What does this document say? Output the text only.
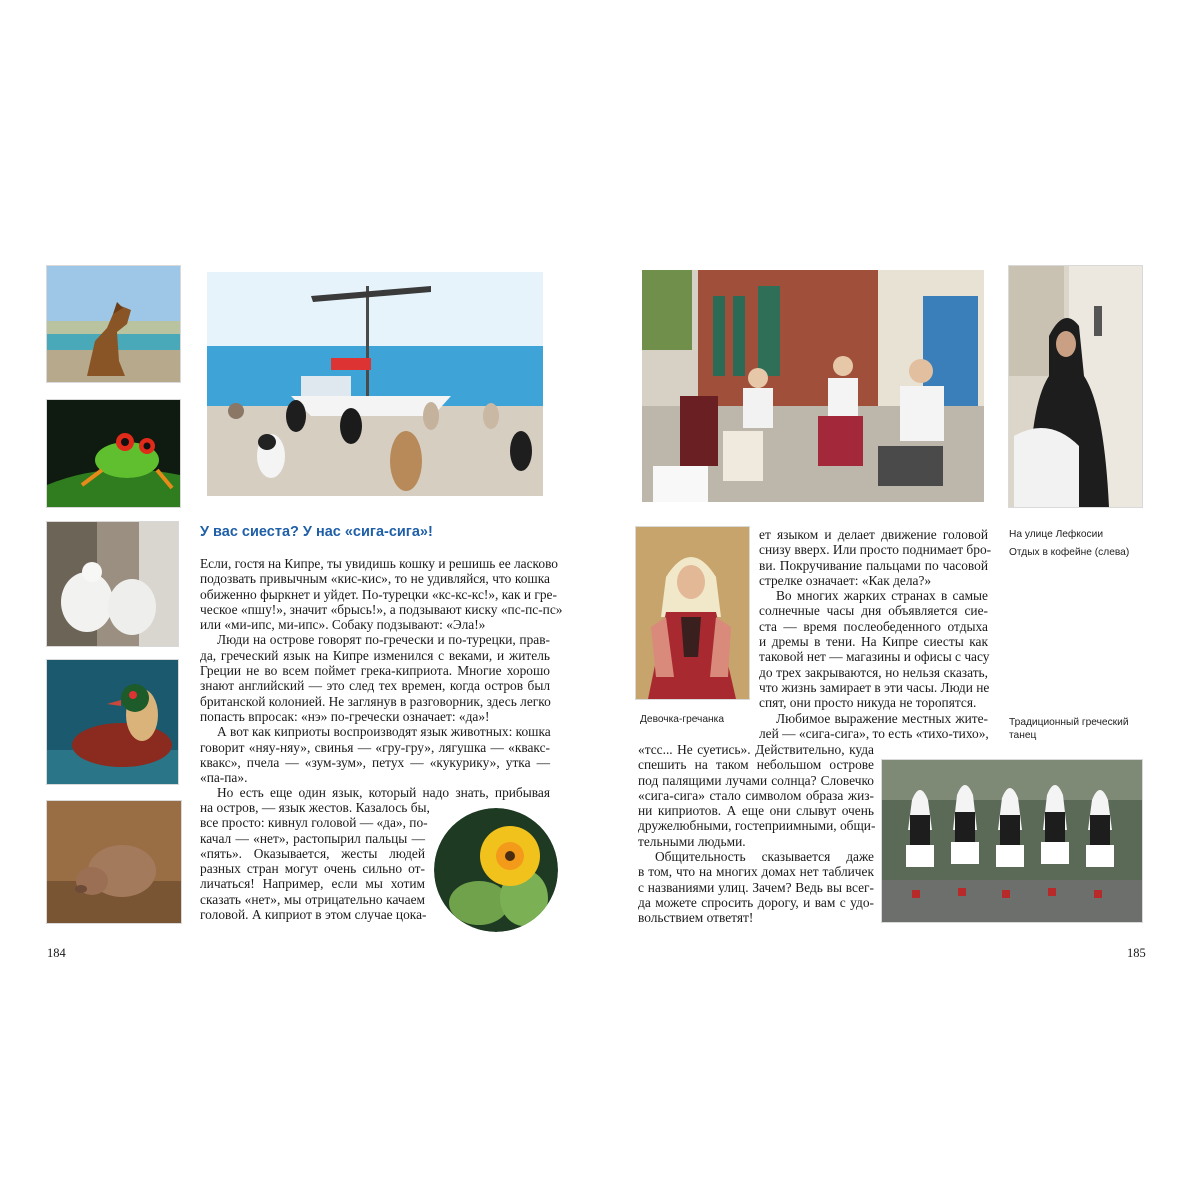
У вас сиеста? У нас «сига-сига»!
Если, гостя на Кипре, ты увидишь кошку и решишь ее ласково
подозвать привычным «кис-кис», то не удивляйся, что кошка
обиженно фыркнет и уйдет. По-турецки «кс-кс-кс!», как и гре-
ческое «пшу!», значит «брысь!», а подзывают киску «пс-пс-пс»
или «ми-ипс, ми-ипс». Собаку подзывают: «Эла!»
Люди на острове говорят по-гречески и по-турецки, прав-
да, греческий язык на Кипре изменился с веками, и житель
Греции не во всем поймет грека-киприота. Многие хорошо
знают английский — это след тех времен, когда остров был
британской колонией. Не заглянув в разговорник, здесь легко
попасть впросак: «нэ» по-гречески означает: «да»!
А вот как киприоты воспроизводят язык животных: кошка
говорит «няу-няу», свинья — «гру-гру», лягушка — «квакс-
квакс», пчела — «зум-зум», петух — «кукурику», утка —
«па-па».
Но есть еще один язык, который надо знать, прибывая
на остров, — язык жестов. Казалось бы,
все просто: кивнул головой — «да», по-
качал — «нет», растопырил пальцы —
«пять». Оказывается, жесты людей
разных стран могут очень сильно от-
личаться! Например, если мы хотим
сказать «нет», мы отрицательно качаем
головой. А киприот в этом случае цока-
184
На улице Лефкосии
Отдых в кофейне (слева)
Девочка-гречанка
ет языком и делает движение головой
снизу вверх. Или просто поднимает бро-
ви. Покручивание пальцами по часовой
стрелке означает: «Как дела?»
Во многих жарких странах в самые
солнечные часы дня объявляется сие-
ста — время послеобеденного отдыха
и дремы в тени. На Кипре сиесты как
таковой нет — магазины и офисы с часу
до трех закрываются, но нельзя сказать,
что жизнь замирает в эти часы. Люди не
спят, они просто никуда не торопятся.
Любимое выражение местных жите-
лей — «сига-сига», то есть «тихо-тихо»,
«тсс... Не суетись». Действительно, куда
спешить на таком небольшом острове
под палящими лучами солнца? Словечко
«сига-сига» стало символом образа жиз-
ни киприотов. А еще они слывут очень
дружелюбными, гостеприимными, общи-
тельными людьми.
Общительность сказывается даже
в том, что на многих домах нет табличек
с названиями улиц. Зачем? Ведь вы всег-
да можете спросить дорогу, и вам с удо-
вольствием ответят!
Традиционный греческий танец
185
